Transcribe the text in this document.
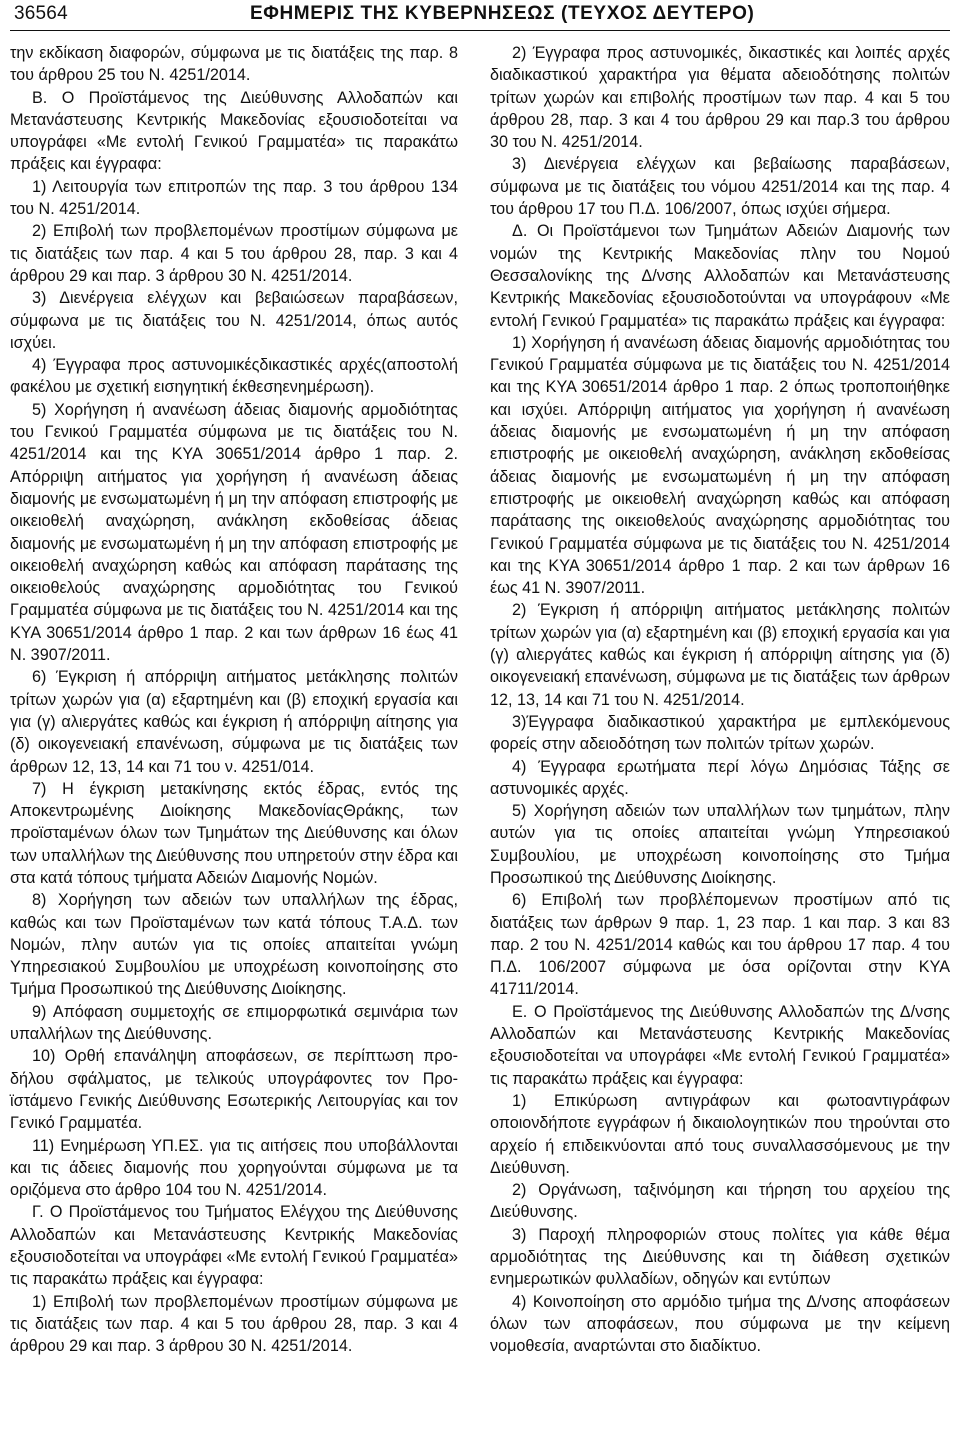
36564	ΕΦΗΜΕΡΙΣ ΤΗΣ ΚΥΒΕΡΝΗΣΕΩΣ (ΤΕΥΧΟΣ ΔΕΥΤΕΡΟ)

την εκδίκαση διαφορών, σύμφωνα με τις διατάξεις της παρ. 8 του άρθρου 25 του Ν. 4251/2014.

Β. Ο Προϊστάμενος της Διεύθυνσης Αλλοδαπών και Μετανάστευσης Κεντρικής Μακεδονίας εξουσιοδοτείται να υπογράφει «Με εντολή Γενικού Γραμματέα» τις παρακάτω πράξεις και έγγραφα:

1) Λειτουργία των επιτροπών της παρ. 3 του άρθρου 134 του Ν. 4251/2014.

2) Επιβολή των προβλεπομένων προστίμων σύμφωνα με τις διατάξεις των παρ. 4 και 5 του άρθρου 28, παρ. 3 και 4 άρθρου 29 και παρ. 3 άρθρου 30 Ν. 4251/2014.

3) Διενέργεια ελέγχων και βεβαιώσεων παραβάσεων, σύμφωνα με τις διατάξεις του Ν. 4251/2014, όπως αυτός ισχύει.

4) Έγγραφα προς αστυνομικέςδικαστικές αρχές(αποστολή φακέλου με σχετική εισηγητική έκθεσηενημέρωση).

5) Χορήγηση ή ανανέωση άδειας διαμονής αρμοδιότητας του Γενικού Γραμματέα σύμφωνα με τις διατάξεις του Ν. 4251/2014 και της ΚΥΑ 30651/2014 άρθρο 1 παρ. 2. Απόρριψη αιτήματος για χορήγηση ή ανανέωση άδειας διαμονής με ενσωματωμένη ή μη την απόφαση επιστροφής με οικειοθελή αναχώρηση, ανάκληση εκδοθείσας άδειας διαμονής με ενσωματωμένη ή μη την απόφαση επιστροφής με οικειοθελή αναχώρηση καθώς και απόφαση παράτασης της οικειοθελούς αναχώρησης αρμοδιότητας του Γενικού Γραμματέα σύμφωνα με τις διατάξεις του Ν. 4251/2014 και της ΚΥΑ 30651/2014 άρθρο 1 παρ. 2 και των άρθρων 16 έως 41 Ν. 3907/2011.

6) Έγκριση ή απόρριψη αιτήματος μετάκλησης πολιτών τρίτων χωρών για (α) εξαρτημένη και (β) εποχική εργασία και για (γ) αλιεργάτες καθώς και έγκριση ή απόρριψη αίτησης για (δ) οικογενειακή επανένωση, σύμφωνα με τις διατάξεις των άρθρων 12, 13, 14 και 71 του ν. 4251/014.

7) Η έγκριση μετακίνησης εκτός έδρας, εντός της Αποκεντρωμένης Διοίκησης ΜακεδονίαςΘράκης, των προϊσταμένων όλων των Τμημάτων της Διεύθυνσης και όλων των υπαλλήλων της Διεύθυνσης που υπηρετούν στην έδρα και στα κατά τόπους τμήματα Αδειών Διαμονής Νομών.

8) Χορήγηση των αδειών των υπαλλήλων της έδρας, καθώς και των Προϊσταμένων των κατά τόπους Τ.Α.Δ. των Νομών, πλην αυτών για τις οποίες απαιτείται γνώμη Υπηρεσιακού Συμβουλίου με υποχρέωση κοινοποίησης στο Τμήμα Προσωπικού της Διεύθυνσης Διοίκησης.

9) Απόφαση συμμετοχής σε επιμορφωτικά σεμινάρια των υπαλλήλων της Διεύθυνσης.

10) Ορθή επανάληψη αποφάσεων, σε περίπτωση προδήλου σφάλματος, με τελικούς υπογράφοντες τον Προϊστάμενο Γενικής Διεύθυνσης Εσωτερικής Λειτουργίας και τον Γενικό Γραμματέα.

11) Ενημέρωση ΥΠ.ΕΣ. για τις αιτήσεις που υποβάλλονται και τις άδειες διαμονής που χορηγούνται σύμφωνα με τα οριζόμενα στο άρθρο 104 του Ν. 4251/2014.

Γ. Ο Προϊστάμενος του Τμήματος Ελέγχου της Διεύθυνσης Αλλοδαπών και Μετανάστευσης Κεντρικής Μακεδονίας εξουσιοδοτείται να υπογράφει «Με εντολή Γενικού Γραμματέα» τις παρακάτω πράξεις και έγγραφα:

1) Επιβολή των προβλεπομένων προστίμων σύμφωνα με τις διατάξεις των παρ. 4 και 5 του άρθρου 28, παρ. 3 και 4 άρθρου 29 και παρ. 3 άρθρου 30 Ν. 4251/2014.

2) Έγγραφα προς αστυνομικές, δικαστικές και λοιπές αρχές διαδικαστικού χαρακτήρα για θέματα αδειοδότησης πολιτών τρίτων χωρών και επιβολής προστίμων των παρ. 4 και 5 του άρθρου 28, παρ. 3 και 4 του άρθρου 29 και παρ.3 του άρθρου 30 του Ν. 4251/2014.

3) Διενέργεια ελέγχων και βεβαίωσης παραβάσεων, σύμφωνα με τις διατάξεις του νόμου 4251/2014 και της παρ. 4 του άρθρου 17 του Π.Δ. 106/2007, όπως ισχύει σήμερα.

Δ. Οι Προϊστάμενοι των Τμημάτων Αδειών Διαμονής των νομών της Κεντρικής Μακεδονίας πλην του Νομού Θεσσαλονίκης της Δ/νσης Αλλοδαπών και Μετανάστευσης Κεντρικής Μακεδονίας εξουσιοδοτούνται να υπογράφουν «Με εντολή Γενικού Γραμματέα» τις παρακάτω πράξεις και έγγραφα:

1) Χορήγηση ή ανανέωση άδειας διαμονής αρμοδιότητας του Γενικού Γραμματέα σύμφωνα με τις διατάξεις του Ν. 4251/2014 και της ΚΥΑ 30651/2014 άρθρο 1 παρ. 2 όπως τροποποιήθηκε και ισχύει. Απόρριψη αιτήματος για χορήγηση ή ανανέωση άδειας διαμονής με ενσωματωμένη ή μη την απόφαση επιστροφής με οικειοθελή αναχώρηση, ανάκληση εκδοθείσας άδειας διαμονής με ενσωματωμένη ή μη την απόφαση επιστροφής με οικειοθελή αναχώρηση καθώς και απόφαση παράτασης της οικειοθελούς αναχώρησης αρμοδιότητας του Γενικού Γραμματέα σύμφωνα με τις διατάξεις του Ν. 4251/2014 και της ΚΥΑ 30651/2014 άρθρο 1 παρ. 2 και των άρθρων 16 έως 41 Ν. 3907/2011.

2) Έγκριση ή απόρριψη αιτήματος μετάκλησης πολιτών τρίτων χωρών για (α) εξαρτημένη και (β) εποχική εργασία και για (γ) αλιεργάτες καθώς και έγκριση ή απόρριψη αίτησης για (δ) οικογενειακή επανένωση, σύμφωνα με τις διατάξεις των άρθρων 12, 13, 14 και 71 του Ν. 4251/2014.

3)Έγγραφα διαδικαστικού χαρακτήρα με εμπλεκόμενους φορείς στην αδειοδότηση των πολιτών τρίτων χωρών.

4) Έγγραφα ερωτήματα περί λόγω Δημόσιας Τάξης σε αστυνομικές αρχές.

5) Χορήγηση αδειών των υπαλλήλων των τμημάτων, πλην αυτών για τις οποίες απαιτείται γνώμη Υπηρεσιακού Συμβουλίου, με υποχρέωση κοινοποίησης στο Τμήμα Προσωπικού της Διεύθυνσης Διοίκησης.

6) Επιβολή των προβλέπομενων προστίμων από τις διατάξεις των άρθρων 9 παρ. 1, 23 παρ. 1 και παρ. 3 και 83 παρ. 2 του Ν. 4251/2014 καθώς και του άρθρου 17 παρ. 4 του Π.Δ. 106/2007 σύμφωνα με όσα ορίζονται στην ΚΥΑ 41711/2014.

Ε. Ο Προϊστάμενος της Διεύθυνσης Αλλοδαπών της Δ/νσης Αλλοδαπών και Μετανάστευσης Κεντρικής Μακεδονίας εξουσιοδοτείται να υπογράφει «Με εντολή Γενικού Γραμματέα» τις παρακάτω πράξεις και έγγραφα:

1) Επικύρωση αντιγράφων και φωτοαντιγράφων οποιονδήποτε εγγράφων ή δικαιολογητικών που τηρούνται στο αρχείο ή επιδεικνύονται από τους συναλλασσόμενους με την Διεύθυνση.

2) Οργάνωση, ταξινόμηση και τήρηση του αρχείου της Διεύθυνσης.

3) Παροχή πληροφοριών στους πολίτες για κάθε θέμα αρμοδιότητας της Διεύθυνσης και τη διάθεση σχετικών ενημερωτικών φυλλαδίων, οδηγών και εντύπων

4) Κοινοποίηση στο αρμόδιο τμήμα της Δ/νσης αποφάσεων όλων των αποφάσεων, που σύμφωνα με την κείμενη νομοθεσία, αναρτώνται στο διαδίκτυο.
